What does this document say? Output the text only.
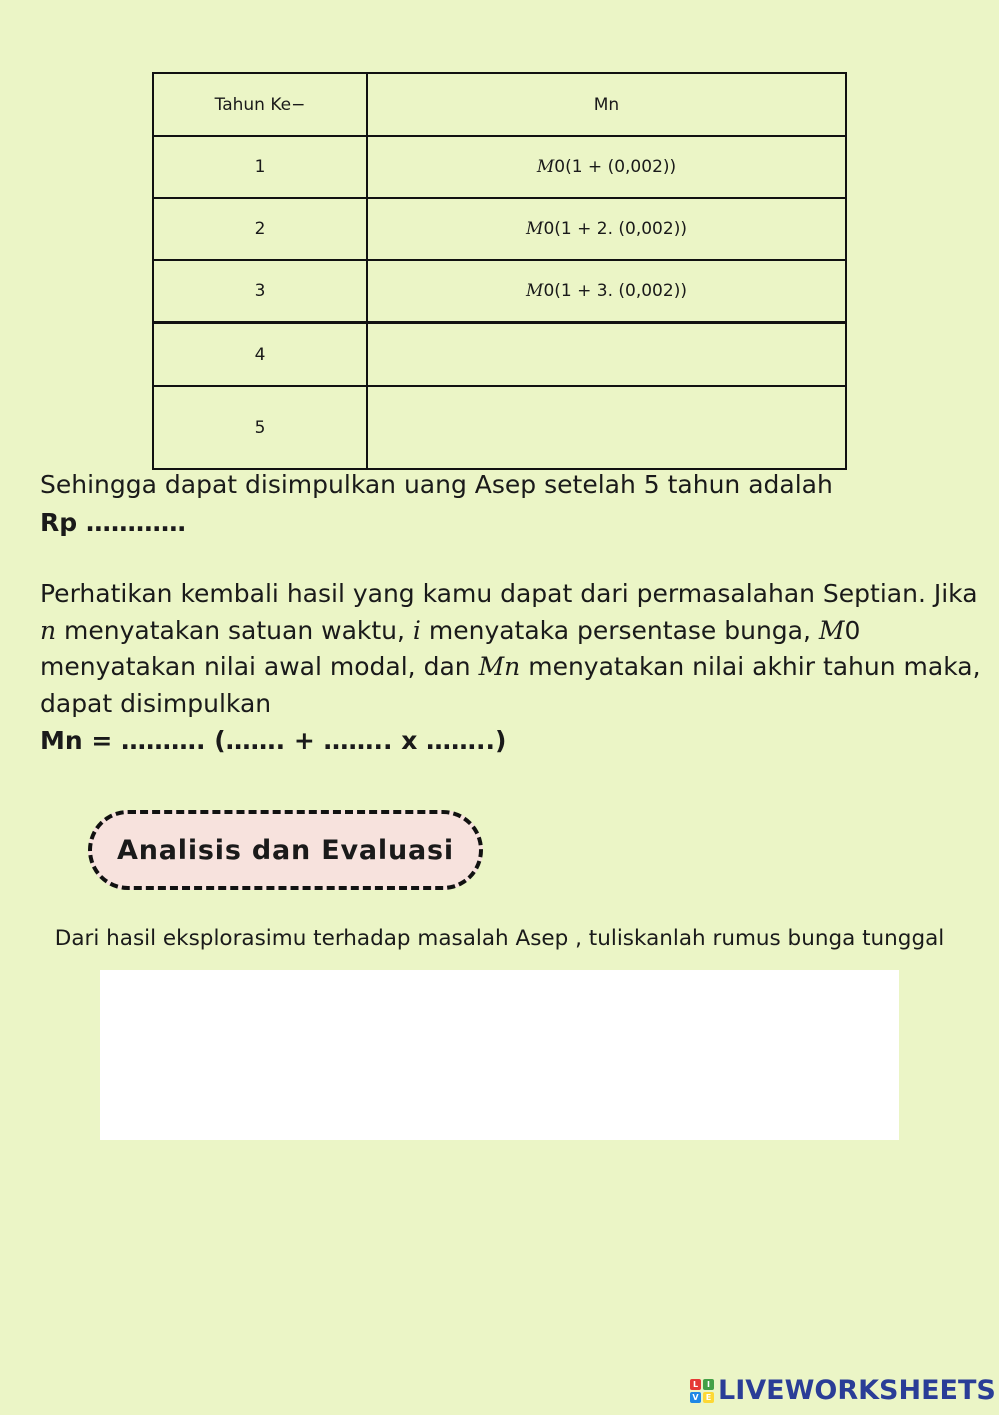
Tahun Ke−	Mn
1	M 0(1 + (0,002))
2	M 0(1 + 2. (0,002))
3	M 0(1 + 3. (0,002))
4
5
Sehingga dapat disimpulkan uang Asep setelah 5 tahun adalah
Rp …………
Perhatikan kembali hasil yang kamu dapat dari permasalahan Septian. Jika
n menyatakan satuan waktu, i menyataka persentase bunga, M0
menyatakan nilai awal modal, dan Mn menyatakan nilai akhir tahun maka,
dapat disimpulkan
Mn = ………. (……. + …….. x ……..)
Analisis dan Evaluasi
Dari hasil eksplorasimu terhadap masalah Asep , tuliskanlah rumus bunga tunggal
L	I
V E LIVEWORKSHEETS
